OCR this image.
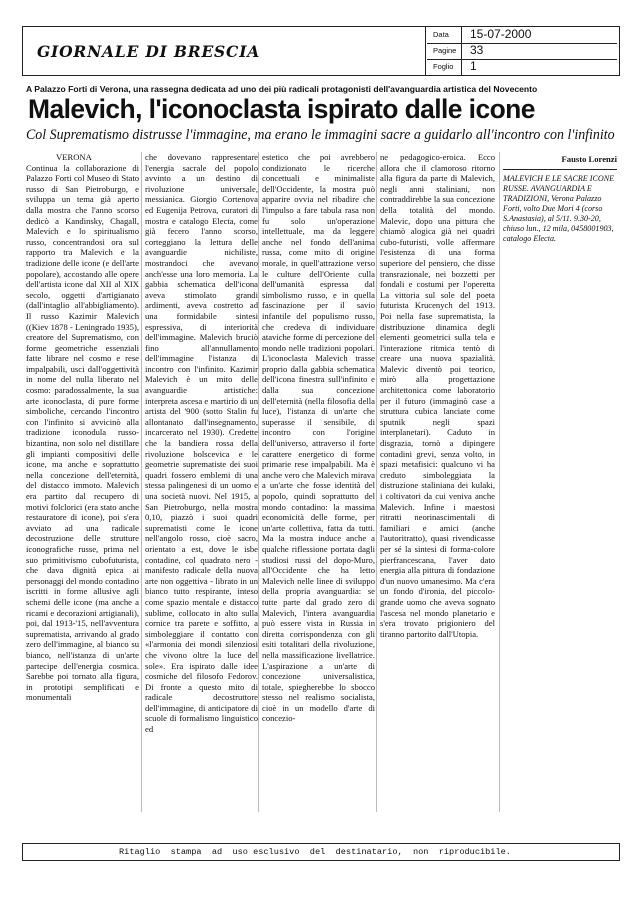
GIORNALE DI BRESCIA
Data 15-07-2000
Pagine 33
Foglio 1
A Palazzo Forti di Verona, una rassegna dedicata ad uno dei più radicali protagonisti dell'avanguardia artistica del Novecento
Malevich, l'iconoclasta ispirato dalle icone
Col Suprematismo distrusse l'immagine, ma erano le immagini sacre a guidarlo all'incontro con l'infinito
VERONA

Continua la collaborazione di Palazzo Forti col Museo di Stato russo di San Pietroburgo, e sviluppa un tema già aperto dalla mostra che l'anno scorso dedicò a Kandinsky, Chagall, Malevich e lo spiritualismo russo, concentrandosi ora sul rapporto tra Malevich e la tradizione delle icone (e dell'arte popolare), accostando alle opere dell'artista icone dal XII al XIX secolo, oggetti d'artigianato (dall'intaglio all'abbigliamento). Il russo Kazimir Malevich ((Kiev 1878 - Leningrado 1935), creatore del Suprematismo, con forme geometriche essenziali fatte librare nel cosmo e rese impalpabili, usci dall'oggettività in nome del nulla liberato nel cosmo: paradossalmente, la sua arte iconoclasta, di pure forme simboliche, cercando l'incontro con l'infinito si avvicinò alla tradizione iconodula russo-bizantina, non solo nel distillare gli impianti compositivi delle icone, ma anche e soprattutto nella concezione dell'eternità, del distacco immoto. Malevich era partito dal recupero di motivi folclorici (era stato anche restauratore di icone), poi s'era avviato ad una radicale decostruzione delle strutture iconografiche russe, prima nel suo primitivismo cubofuturista, che dava dignità epica ai personaggi del mondo contadino iscritti in forme allusive agli schemi delle icone (ma anche a ricami e decorazioni artigianali), poi, dal 1913-'15, nell'avventura suprematista, arrivando al grado zero dell'immagine, al bianco su bianco, nell'istanza di un'arte partecipe dell'energia cosmica. Sarebbe poi tornato alla figura, in prototipi semplificati e monumentali

che dovevano rappresentare l'energia sacrale del popolo avvinto a un destino di rivoluzione universale, messianica. Giorgio Cortenova ed Eugenija Petrova, curatori di mostra e catalogo Electa, come già fecero l'anno scorso, corteggiano la lettura delle avanguardie nichiliste, mostrandoci che avevano anch'esse una loro memoria. La gabbia schematica dell'icona aveva stimolato grandi ardimenti, aveva costretto ad una formidabile sintesi espressiva, di interiorità dell'immagine. Malevich bruciò fino all'annullamento dell'immagine l'istanza di incontro con l'infinito. Kazimir Malevich è un mito delle avanguardie artistiche: interpreta ascesa e martirio di un artista del '900 (sotto Stalin fu allontanato dall'insegnamento, incarcerato nel 1930). Credette che la bandiera rossa della rivoluzione bolscevica e le geometrie suprematiste dei suoi quadri fossero emblemi di una stessa palingenesi di un uomo e una società nuovi. Nel 1915, a San Pietroburgo, nella mostra 0,10, piazzò i suoi quadri suprematisti come le icone nell'angolo rosso, cioè sacro, orientato a est, dove le isbe contadine, col quadrato nero - manifesto radicale della nuova arte non oggettiva - librato in un bianco tutto respirante, inteso come spazio mentale e distacco sublime, collocato in alto sulla cornice tra parete e soffitto, a simboleggiare il contatto con «l'armonia dei mondi silenziosi che vivono oltre la luce del sole». Era ispirato dalle idee cosmiche del filosofo Fedorov. Di fronte a questo mito di radicale decostruttore dell'immagine, di anticipatore di scuole di formalismo linguistico ed

estetico che poi avrebbero condizionato le ricerche concettuali e minimaliste dell'Occidente, la mostra può apparire ovvia nel ribadire che l'impulso a fare tabula rasa non fu solo un'operazione intellettuale, ma da leggere anche nel fondo dell'anima russa, come mito di origine morale, in quell'attrazione verso le culture dell'Oriente culla dell'umanità espressa dal simbolismo russo, e in quella fascinazione per il savio infantile del populismo russo, che credeva di individuare ataviche forme di percezione del mondo nelle tradizioni popolari. L'iconoclasta Malevich trasse proprio dalla gabbia schematica dell'icona finestra sull'infinito e dalla sua concezione dell'eternità (nella filosofia della luce), l'istanza di un'arte che superasse il sensibile, di incontro con l'origine dell'universo, attraverso il forte carattere energetico di forme primarie rese impalpabili. Ma è anche vero che Malevich mirava a un'arte che fosse identità del popolo, quindi soprattutto del mondo contadino: la massima economicità delle forme, per un'arte collettiva, fatta da tutti. Ma la mostra induce anche a qualche riflessione portata dagli studiosi russi del dopo-Muro, all'Occidente che ha letto Malevich nelle linee di sviluppo della propria avanguardia: se tutte parte dal grado zero di Malevich, l'intera avanguardia può essere vista in Russia in diretta corrispondenza con gli esiti totalitari della rivoluzione, nella massificazione livellatrice. L'aspirazione a un'arte di concezione universalistica, totale, spiegherebbe lo sbocco stesso nel realismo socialista, cioè in un modello d'arte di concezio-

ne pedagogico-eroica. Ecco allora che il clamoroso ritorno alla figura da parte di Malevich, negli anni staliniani, non contraddirebbe la sua concezione della totalità del mondo. Malevic, dopo una pittura che chiamò alogica già nei quadri cubo-futuristi, volle affermare l'esistenza di una forma superiore del pensiero, che disse transrazionale, nei bozzetti per fondali e costumi per l'operetta La vittoria sul sole del poeta futurista Krucenych del 1913. Poi nella fase suprematista, la distribuzione dinamica degli elementi geometrici sulla tela e l'interazione ritmica tentò di creare una nuova spazialità. Malevic diventò poi teorico, mirò alla progettazione architettonica come laboratorio per il futuro (immaginò case a struttura cubica lanciate come sputnik negli spazi interplanetari). Caduto in disgrazia, tornò a dipingere contadini grevi, senza volto, in spazi metafisici: qualcuno vi ha creduto simboleggiata la distruzione staliniana dei kulaki, i coltivatori da cui veniva anche Malevich. Infine i maestosi ritratti neorinascimentali di familiari e amici (anche l'autoritratto), quasi rivendicasse per sé la sintesi di forma-colore pierfrancescana, l'aver dato energia alla pittura di fondazione d'un nuovo umanesimo. Ma c'era un fondo d'ironia, del piccolo-grande uomo che aveva sognato l'ascesa nel mondo planetario e s'era trovato prigioniero del tiranno partorito dall'Utopia.

Fausto Lorenzi
MALEVICH E LE SACRE ICONE RUSSE. AVANGUARDIA E TRADIZIONI, Verona Palazzo Forti, volto Due Mori 4 (corso S.Anastasia), al 5/11. 9.30-20, chiuso lun., 12 mila, 0458001903, catalogo Electa.
Ritaglio  stampa  ad  uso esclusivo  del  destinatario,  non  riproducibile.
